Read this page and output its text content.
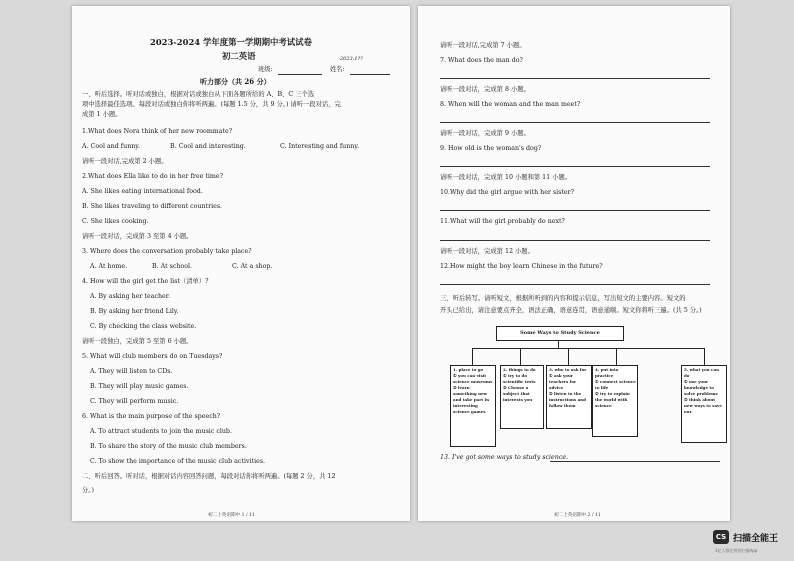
2023-2024 学年度第一学期期中考试试卷
初二英语
班级:	姓名:
2023.1??
听力部分（共 26 分）
一、听后选择。听对话或独白，根据对话或独白从下面各题所给的 A、B、C 三个选
项中选择最佳选项。每段对话或独白你将听两遍。(每题 1.5 分，共 9 分。) 请听一段对话，完
成第 1 小题。
1.What does Nora think of her new roommate?
A. Cool and funny.	B. Cool and interesting.	C. Interesting and funny.
请听一段对话,完成第 2 小题。
2.What does Ella like to do in her free time?
A. She likes eating international food.
B. She likes traveling to different countries.
C. She likes cooking.
请听一段对话，完成第 3 至第 4 小题。
3. Where does the conversation probably take place?
A. At home.	B. At school.	C. At a shop.
4. How will the girl get the list（清单）?
A. By asking her teacher.
B. By asking her friend Lily.
C. By checking the class website.
请听一段独白，完成第 5 至第 6 小题。
5. What will club members do on Tuesdays?
A. They will listen to CDs.
B. They will play music games.
C. They will perform music.
6. What is the main purpose of the speech?
A. To attract students to join the music club.
B. To share the story of the music club members.
C. To show the importance of the music club activities.
二、听后回答。听对话，根据对话内容回答问题，每段对话你将听两遍。(每题 2 分，共 12
分。)
初二上英语期中 1 / 11
请听一段对话,完成第 7 小题。
7. What does the man do?
请听一段对话，完成第 8 小题。
8. When will the woman and the man meet?
请听一段对话，完成第 9 小题。
9. How old is the woman's dog?
请听一段对话，完成第 10 小题和第 11 小题。
10.Why did the girl argue with her sister?
11.What will the girl probably do next?
请听一段对话，完成第 12 小题。
12.How might the boy learn Chinese in the future?
三、听后转写。请听短文，根据所听到的内容和提示信息，写出短文的主要内容。短文的
开头已给出，请注意要点齐全，语法正确，语意连贯，语意通顺。短文你将听三遍。(共 5 分。)
Some Ways to Study Science
1. place to go
① you can visit science museums
② learn something new and take part in interesting science games
2. things to do
① try to do scientific tests
② Choose a subject that interests you
3. who to ask for
① ask your teachers for advice
② listen to the instructions and follow them
4. put into practice
① connect science to life
② try to explain the world with science
5. what you can do
① use your knowledge to solve problems
② think about new ways to save our
13. I've got some ways to study science.
初二上英语期中 2 / 11
CS 扫描全能王
3亿人都在用的扫描App
